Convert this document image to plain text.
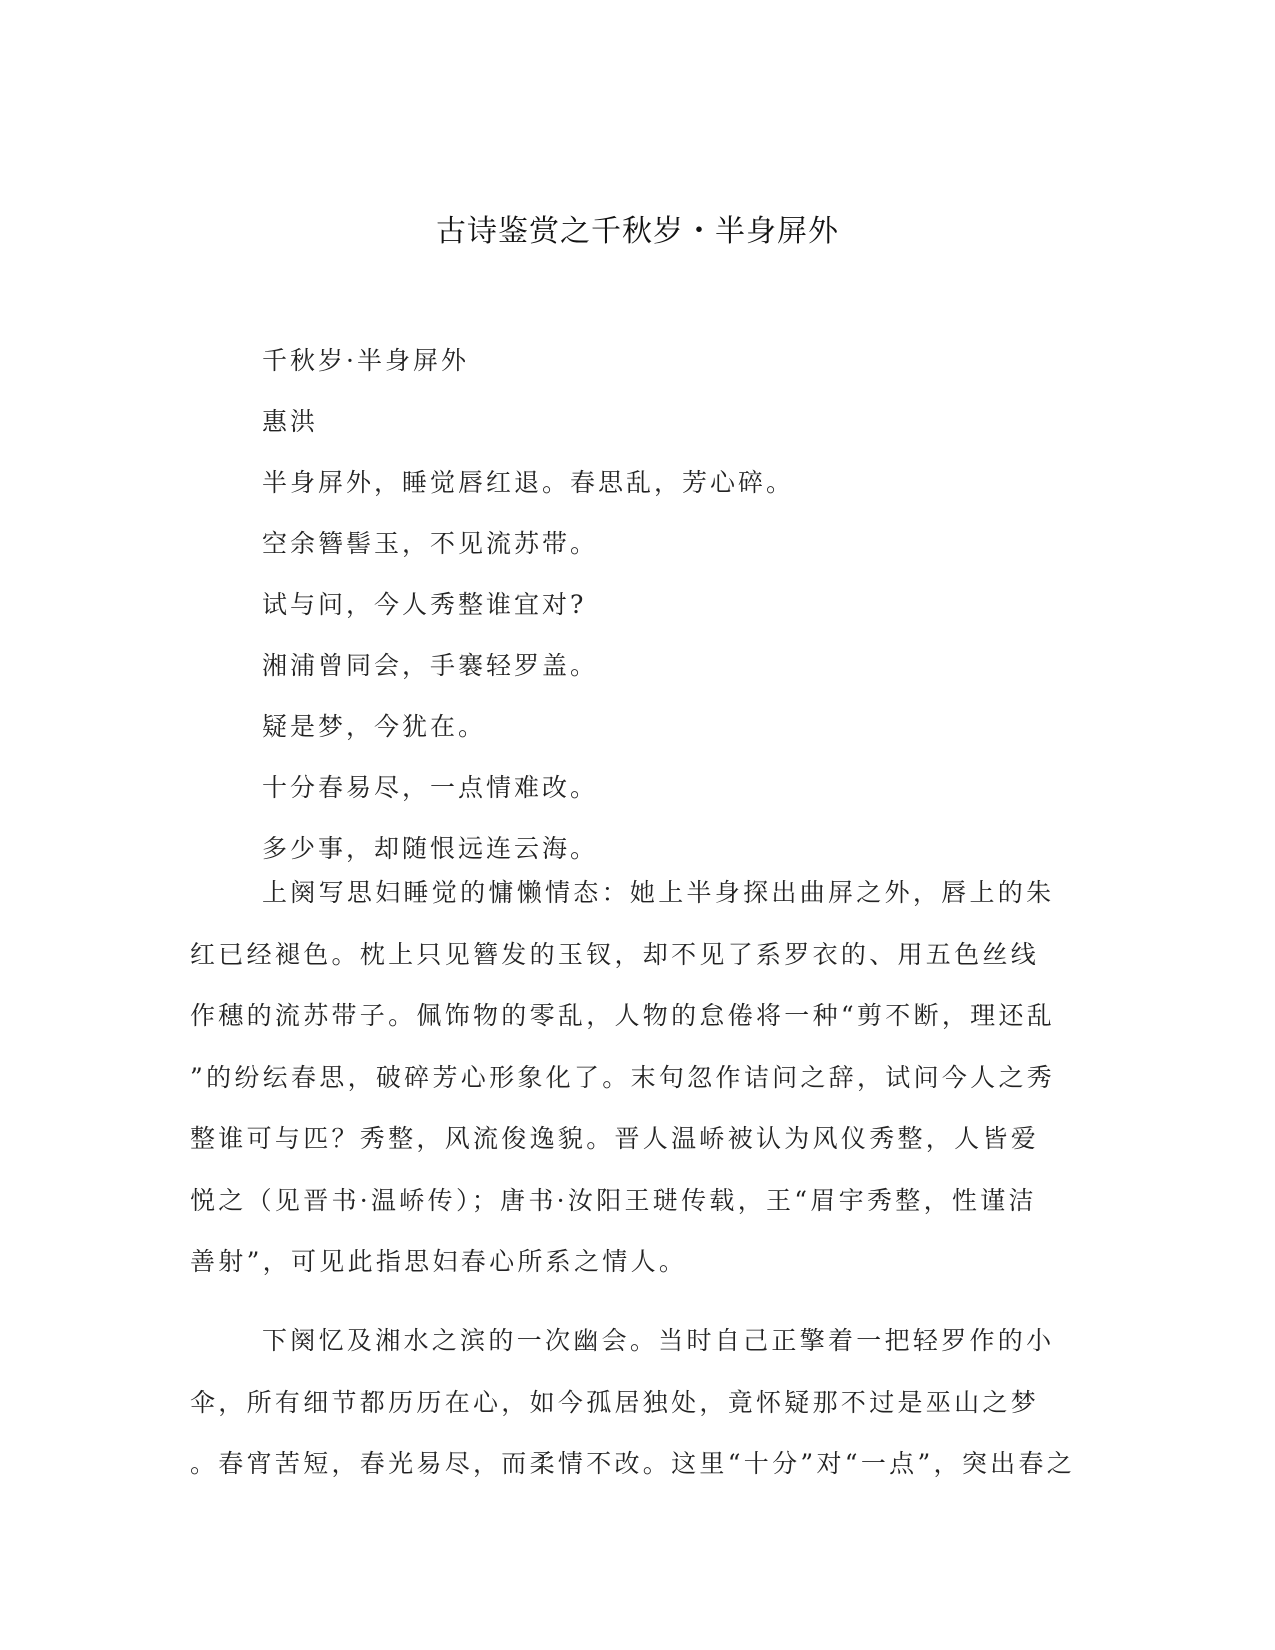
古诗鉴赏之千秋岁・半身屏外
千秋岁·半身屏外
惠洪
半身屏外，睡觉唇红退。春思乱，芳心碎。
空余簪髻玉，不见流苏带。
试与问，今人秀整谁宜对?
湘浦曾同会，手褰轻罗盖。
疑是梦，今犹在。
十分春易尽，一点情难改。
多少事，却随恨远连云海。
上阕写思妇睡觉的慵懒情态：她上半身探出曲屏之外，唇上的朱
红已经褪色。枕上只见簪发的玉钗，却不见了系罗衣的、用五色丝线
作穗的流苏带子。佩饰物的零乱，人物的怠倦将一种“剪不断，理还乱
”的纷纭春思，破碎芳心形象化了。末句忽作诘问之辞，试问今人之秀
整谁可与匹？秀整，风流俊逸貌。晋人温峤被认为风仪秀整，人皆爱
悦之（见晋书·温峤传）；唐书·汝阳王琎传载，王“眉宇秀整，性谨洁
善射”，可见此指思妇春心所系之情人。
下阕忆及湘水之滨的一次幽会。当时自己正擎着一把轻罗作的小
伞，所有细节都历历在心，如今孤居独处，竟怀疑那不过是巫山之梦
。春宵苦短，春光易尽，而柔情不改。这里“十分”对“一点”，突出春之
